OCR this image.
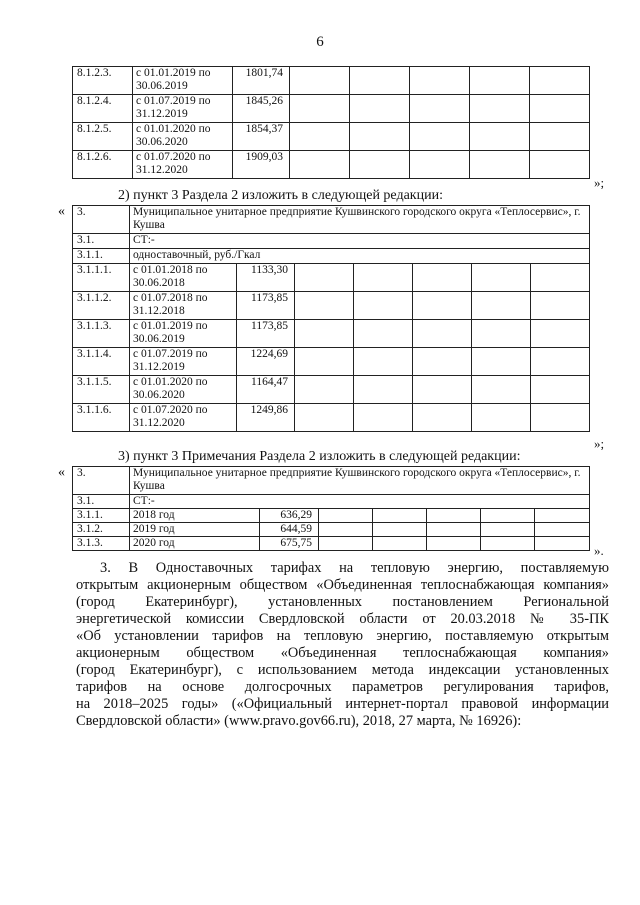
6
8.1.2.3.	с 01.01.2019 по 30.06.2019	1801,74					
8.1.2.4.	с 01.07.2019 по 31.12.2019	1845,26					
8.1.2.5.	с 01.01.2020 по 30.06.2020	1854,37					
8.1.2.6.	с 01.07.2020 по 31.12.2020	1909,03					
»;
2) пункт 3 Раздела 2 изложить в следующей редакции:
« 3.	Муниципальное унитарное предприятие Кушвинского городского округа «Теплосервис», г. Кушва						
3.1.	СТ:-						
3.1.1.	одноставочный, руб./Гкал						
3.1.1.1.	с 01.01.2018 по 30.06.2018	1133,30					
3.1.1.2.	с 01.07.2018 по 31.12.2018	1173,85					
3.1.1.3.	с 01.01.2019 по 30.06.2019	1173,85					
3.1.1.4.	с 01.07.2019 по 31.12.2019	1224,69					
3.1.1.5.	с 01.01.2020 по 30.06.2020	1164,47					
3.1.1.6.	с 01.07.2020 по 31.12.2020	1249,86					
»;
3) пункт 3 Примечания Раздела 2 изложить в следующей редакции:
« 3.	Муниципальное унитарное предприятие Кушвинского городского округа «Теплосервис», г. Кушва						
3.1.	СТ:-						
3.1.1.	2018 год	636,29					
3.1.2.	2019 год	644,59					
3.1.3.	2020 год	675,75						».
3. В Одноставочных тарифах на тепловую энергию, поставляемую
открытым акционерным обществом «Объединенная теплоснабжающая компания»
(город Екатеринбург), установленных постановлением Региональной
энергетической комиссии Свердловской области от 20.03.2018 № 35-ПК
«Об установлении тарифов на тепловую энергию, поставляемую открытым
акционерным обществом «Объединенная теплоснабжающая компания»
(город Екатеринбург), с использованием метода индексации установленных
тарифов на основе долгосрочных параметров регулирования тарифов,
на 2018–2025 годы» («Официальный интернет-портал правовой информации
Свердловской области» (www.pravo.gov66.ru), 2018, 27 марта, № 16926):
